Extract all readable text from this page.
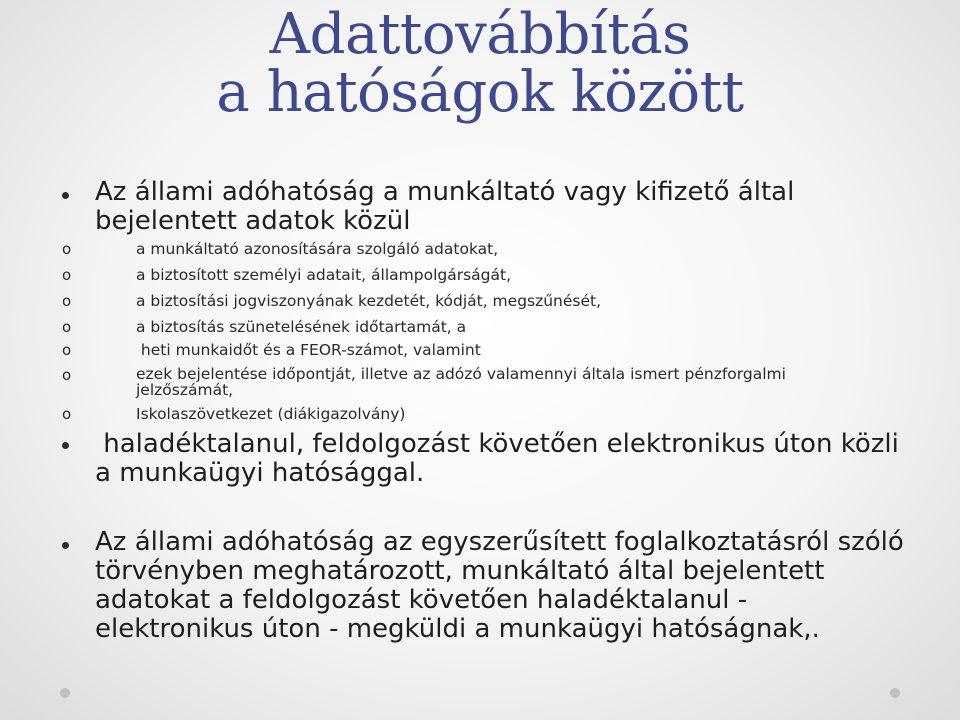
Adattovábbítás
a hatóságok között

Az állami adóhatóság a munkáltató vagy kifizető által bejelentett adatok közül

o	a munkáltató azonosítására szolgáló adatokat,
o	a biztosított személyi adatait, állampolgárságát,
o	a biztosítási jogviszonyának kezdetét, kódját, megszűnését,
o	a biztosítás szünetelésének időtartamát, a
o	heti munkaidőt és a FEOR-számot, valamint
o	ezek bejelentése időpontját, illetve az adózó valamennyi általa ismert pénzforgalmi jelzőszámát,
o	Iskolaszövetkezet (diákigazolvány)

haladéktalanul, feldolgozást követően elektronikus úton közli a munkaügyi hatósággal.

Az állami adóhatóság az egyszerűsített foglalkoztatásról szóló törvényben meghatározott, munkáltató által bejelentett adatokat a feldolgozást követően haladéktalanul - elektronikus úton - megküldi a munkaügyi hatóságnak,.
